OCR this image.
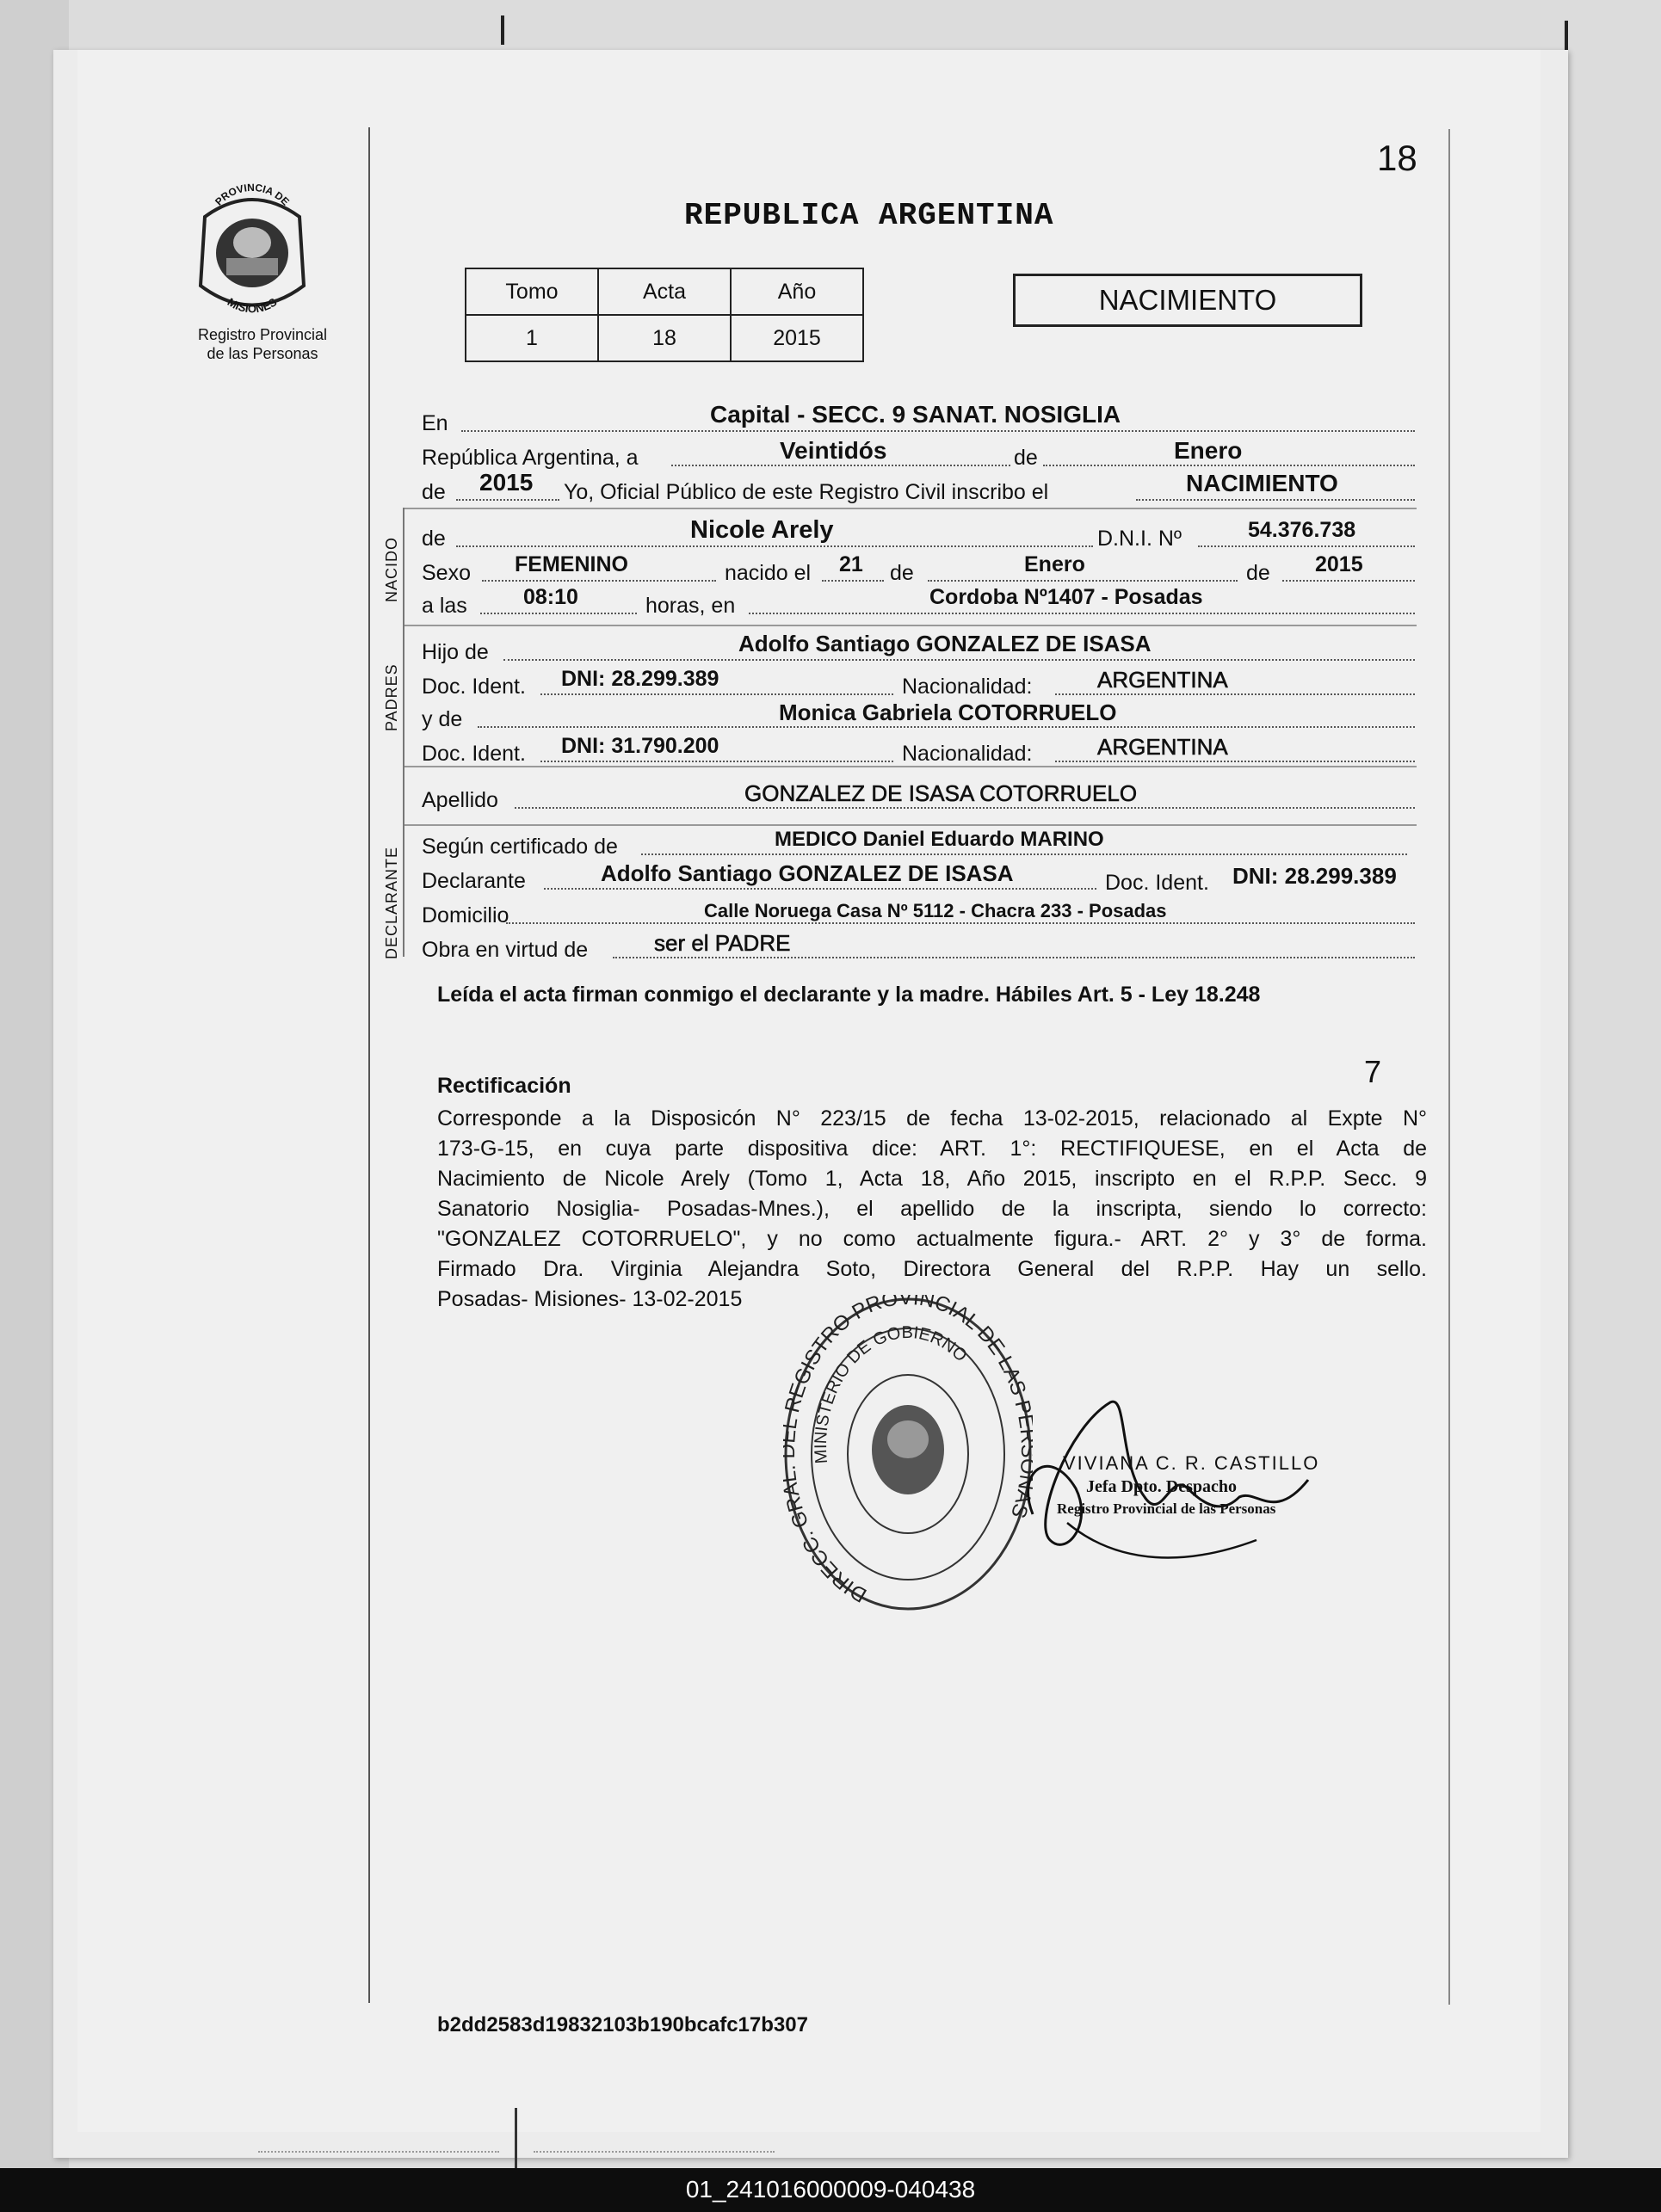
18
PROVINCIA DE
MISIONES
Registro Provincial
de las Personas
REPUBLICA ARGENTINA
Tomo	Acta	Año
1	18	2015
NACIMIENTO
NACIDO
PADRES
DECLARANTE
En	Capital - SECC. 9 SANAT. NOSIGLIA
República Argentina, a	Veintidós	de	Enero
de 2015 Yo, Oficial Público de este Registro Civil inscribo el	NACIMIENTO
de	Nicole Arely	D.N.I. Nº	54.376.738
Sexo FEMENINO	nacido el 21 de	Enero	de 2015
a las	08:10	horas, en	Cordoba Nº1407 - Posadas
Hijo de	Adolfo Santiago GONZALEZ DE ISASA
Doc. Ident. DNI: 28.299.389	Nacionalidad:	ARGENTINA
y de	Monica Gabriela COTORRUELO
Doc. Ident. DNI: 31.790.200	Nacionalidad:	ARGENTINA
Apellido	GONZALEZ DE ISASA COTORRUELO
Según certificado de	MEDICO Daniel Eduardo MARINO
Declarante	Adolfo Santiago GONZALEZ DE ISASA	Doc. Ident. DNI: 28.299.389
Domicilio	Calle Noruega Casa Nº 5112 - Chacra 233 - Posadas
Obra en virtud de	ser el PADRE
Leída el acta firman conmigo el declarante y la madre. Hábiles Art. 5 - Ley 18.248
Rectificación	7
Corresponde a la Disposicón N° 223/15 de fecha 13-02-2015, relacionado al Expte N°
173-G-15, en cuya parte dispositiva dice: ART. 1°: RECTIFIQUESE, en el Acta de
Nacimiento de Nicole Arely (Tomo 1, Acta 18, Año 2015, inscripto en el R.P.P. Secc. 9
Sanatorio Nosiglia- Posadas-Mnes.), el apellido de la inscripta, siendo lo correcto:
"GONZALEZ COTORRUELO", y no como actualmente figura.- ART. 2° y 3° de forma.
Firmado Dra. Virginia Alejandra Soto, Directora General del R.P.P. Hay un sello.
Posadas- Misiones- 13-02-2015
DIRECC. GR REGISTRO PROVINCIAL DE LAS S
MINISTERIO DE GOBIERNO
VIVIANA C. R. CASTILLO
Jefa Dpto. Despacho
Registro Provincial de las Personas
b2dd2583d19832103b190bcafc17b307
01_241016000009-040438
